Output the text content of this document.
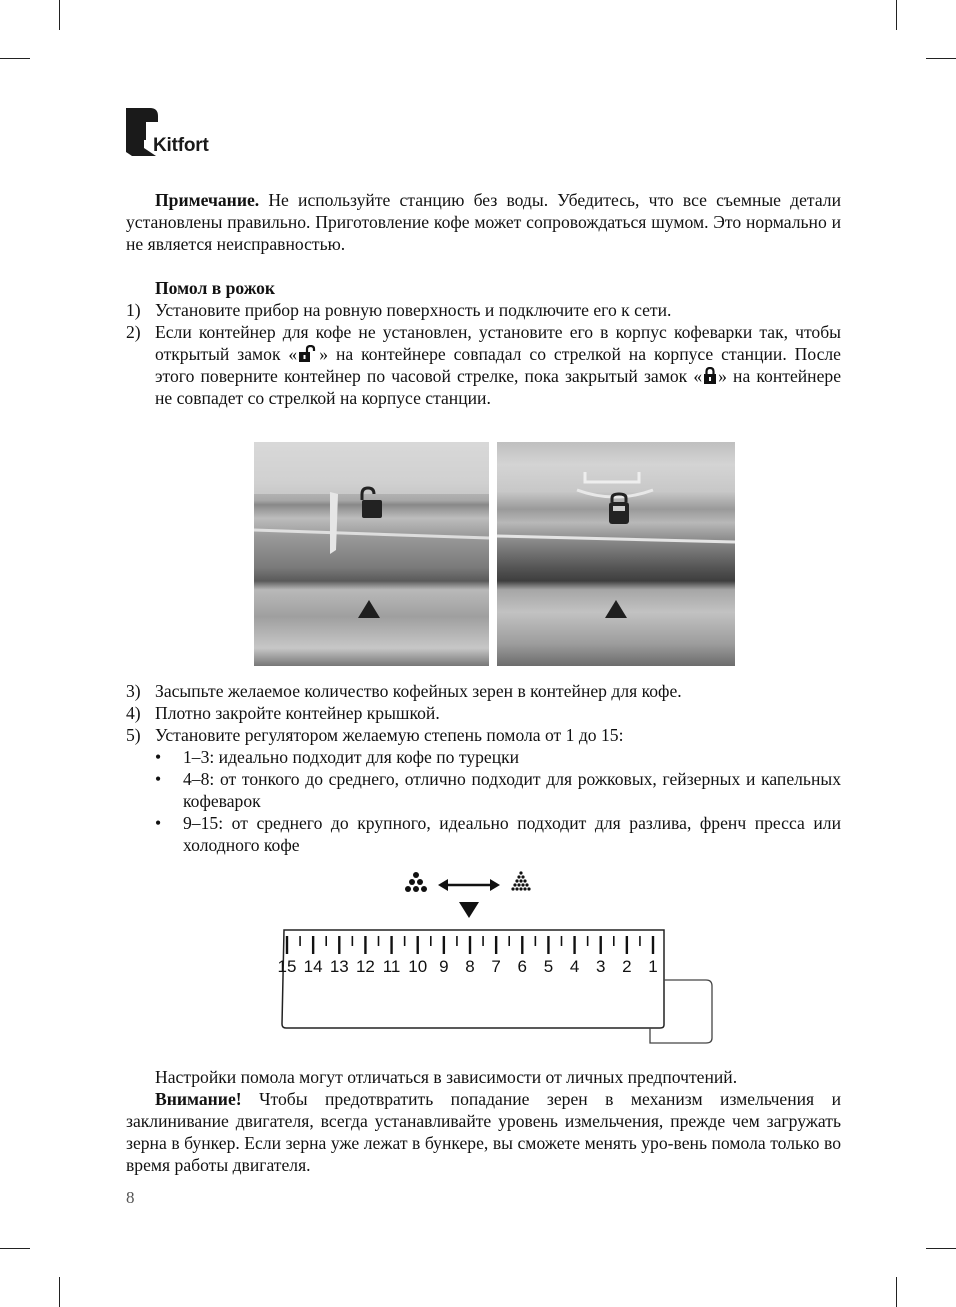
Kitfort

Примечание. Не используйте станцию без воды. Убедитесь, что все съемные детали установлены правильно. Приготовление кофе может сопровождаться шумом. Это нормально и не является неисправностью.

Помол в рожок

1) Установите прибор на ровную поверхность и подключите его к сети.
2) Если контейнер для кофе не установлен, установите его в корпус кофеварки так, чтобы открытый замок « » на контейнере совпадал со стрелкой на корпусе станции. После этого поверните контейнер по часовой стрелке, пока закрытый замок « » на контейнере не совпадет со стрелкой на корпусе станции.
3) Засыпьте желаемое количество кофейных зерен в контейнер для кофе.
4) Плотно закройте контейнер крышкой.
5) Установите регулятором желаемую степень помола от 1 до 15:
• 1–3: идеально подходит для кофе по турецки
• 4–8: от тонкого до среднего, отлично подходит для рожковых, гейзерных и капельных кофеварок
• 9–15: от среднего до крупного, идеально подходит для разлива, френч пресса или холодного кофе
15 14 13 12 11 10 9 8 7 6 5 4 3 2 1

Настройки помола могут отличаться в зависимости от личных предпочтений.

Внимание! Чтобы предотвратить попадание зерен в механизм измельчения и заклинивание двигателя, всегда устанавливайте уровень измельчения, прежде чем загружать зерна в бункер. Если зерна уже лежат в бункере, вы сможете менять уро-вень помола только во время работы двигателя.

8
